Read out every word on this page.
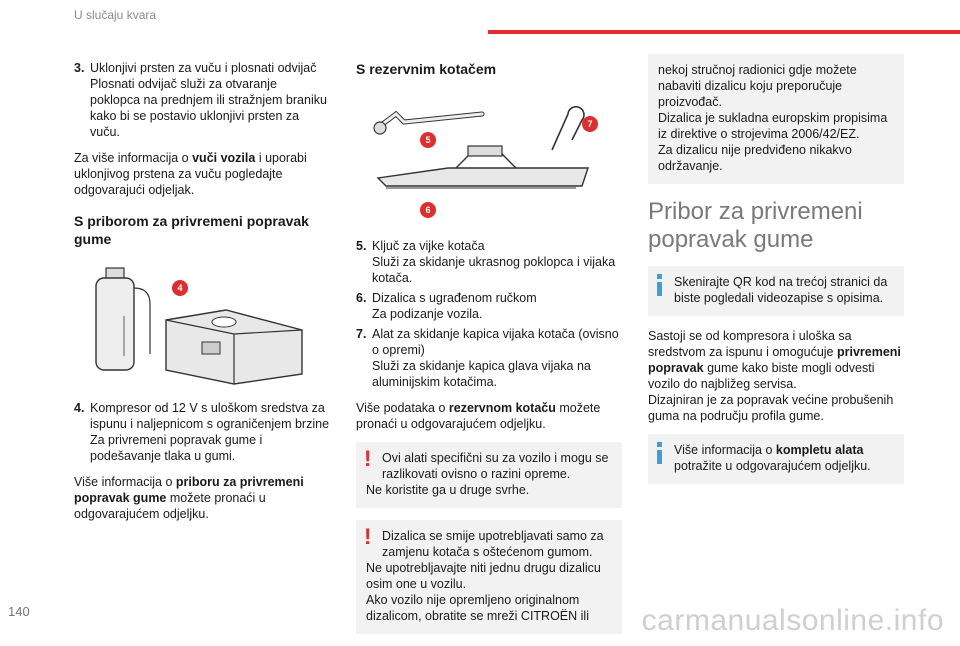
U slučaju kvara
3. Uklonjivi prsten za vuču i plosnati odvijač
Plosnati odvijač služi za otvaranje poklopca na prednjem ili stražnjem braniku kako bi se postavio uklonjivi prsten za vuču.

Za više informacija o vuči vozila i uporabi uklonjivog prstena za vuču pogledajte odgovarajući odjeljak.

S priborom za privremeni popravak gume
4
4. Kompresor od 12 V s uloškom sredstva za ispunu i naljepnicom s ograničenjem brzine
Za privremeni popravak gume i podešavanje tlaka u gumi.

Više informacija o priboru za privremeni popravak gume možete pronaći u odgovarajućem odjeljku.

S rezervnim kotačem
5
6
7
5. Ključ za vijke kotača
Služi za skidanje ukrasnog poklopca i vijaka kotača.
6. Dizalica s ugrađenom ručkom
Za podizanje vozila.
7. Alat za skidanje kapica vijaka kotača (ovisno o opremi)
Služi za skidanje kapica glava vijaka na aluminijskim kotačima.

Više podataka o rezervnom kotaču možete pronaći u odgovarajućem odjeljku.

! Ovi alati specifični su za vozilo i mogu se razlikovati ovisno o razini opreme.
Ne koristite ga u druge svrhe.
! Dizalica se smije upotrebljavati samo za zamjenu kotača s oštećenom gumom.
Ne upotrebljavajte niti jednu drugu dizalicu osim one u vozilu.
Ako vozilo nije opremljeno originalnom dizalicom, obratite se mreži CITROËN ili
nekoj stručnoj radionici gdje možete nabaviti dizalicu koju preporučuje proizvođač.
Dizalica je sukladna europskim propisima iz direktive o strojevima 2006/42/EZ.
Za dizalicu nije predviđeno nikakvo održavanje.
Pribor za privremeni popravak gume
Skenirajte QR kod na trećoj stranici da biste pogledali videozapise s opisima.

Sastoji se od kompresora i uloška sa sredstvom za ispunu i omogućuje privremeni popravak gume kako biste mogli odvesti vozilo do najbližeg servisa.
Dizajniran je za popravak većine probušenih guma na području profila gume.

Više informacija o kompletu alata potražite u odgovarajućem odjeljku.
140	carmanualsonline.info
